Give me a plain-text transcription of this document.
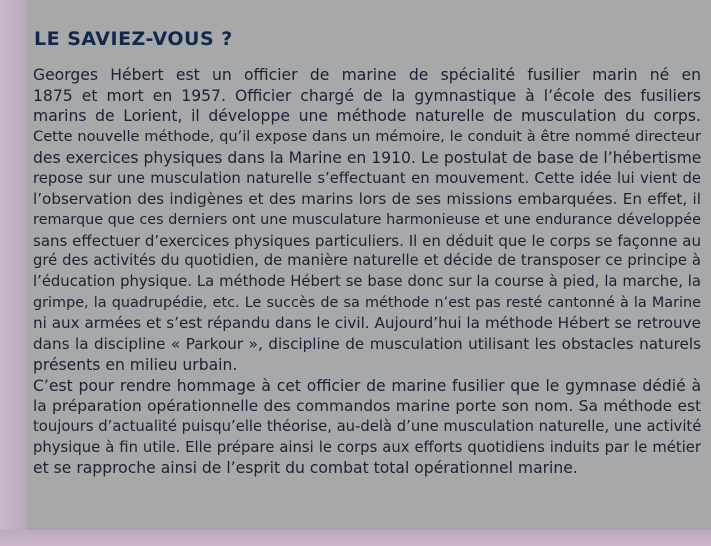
LE SAVIEZ-VOUS ?
Georges Hébert est un officier de marine de spécialité fusilier marin né en
1875 et mort en 1957. Officier chargé de la gymnastique à l’école des fusiliers
marins de Lorient, il développe une méthode naturelle de musculation du corps.
Cette nouvelle méthode, qu’il expose dans un mémoire, le conduit à être nommé directeur
des exercices physiques dans la Marine en 1910. Le postulat de base de l’hébertisme
repose sur une musculation naturelle s’effectuant en mouvement. Cette idée lui vient de
l’observation des indigènes et des marins lors de ses missions embarquées. En effet, il
remarque que ces derniers ont une musculature harmonieuse et une endurance développée
sans effectuer d’exercices physiques particuliers. Il en déduit que le corps se façonne au
gré des activités du quotidien, de manière naturelle et décide de transposer ce principe à
l’éducation physique. La méthode Hébert se base donc sur la course à pied, la marche, la
grimpe, la quadrupédie, etc. Le succès de sa méthode n’est pas resté cantonné à la Marine
ni aux armées et s’est répandu dans le civil. Aujourd’hui la méthode Hébert se retrouve
dans la discipline « Parkour », discipline de musculation utilisant les obstacles naturels
présents en milieu urbain.
C’est pour rendre hommage à cet officier de marine fusilier que le gymnase dédié à
la préparation opérationnelle des commandos marine porte son nom. Sa méthode est
toujours d’actualité puisqu’elle théorise, au-delà d’une musculation naturelle, une activité
physique à fin utile. Elle prépare ainsi le corps aux efforts quotidiens induits par le métier
et se rapproche ainsi de l’esprit du combat total opérationnel marine.
